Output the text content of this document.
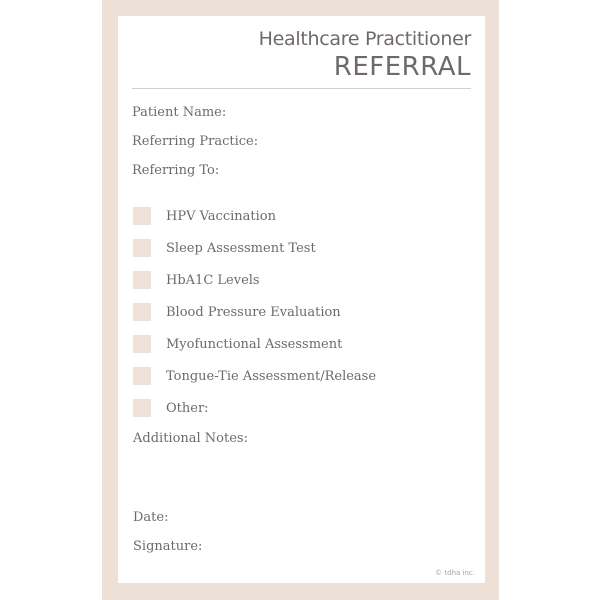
Healthcare Practitioner
REFERRAL
Patient Name:
Referring Practice:
Referring To:
HPV Vaccination
Sleep Assessment Test
HbA1C Levels
Blood Pressure Evaluation
Myofunctional Assessment
Tongue-Tie Assessment/Release
Other:
Additional Notes:
Date:
Signature:
© tdha inc.
